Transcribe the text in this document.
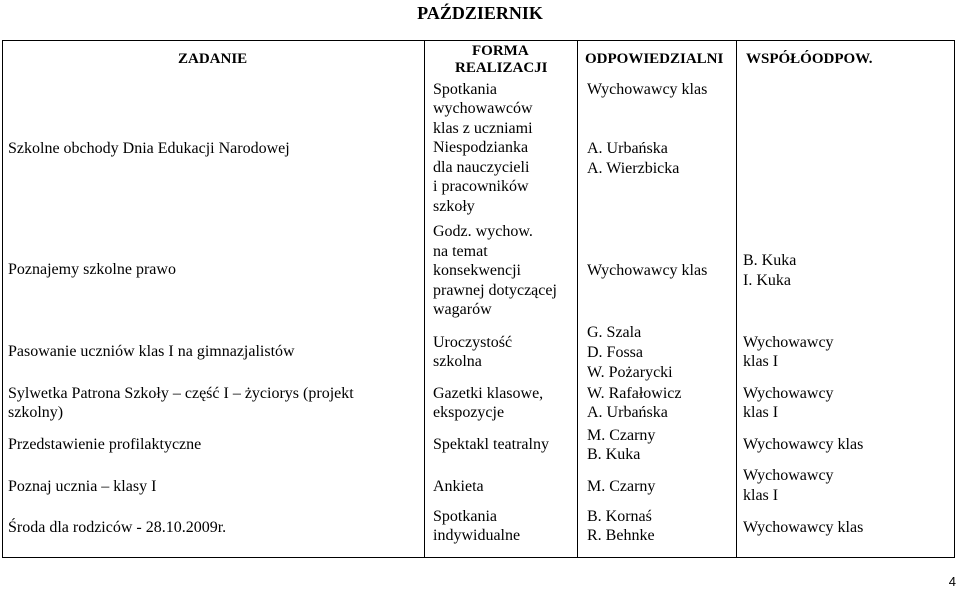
PAŹDZIERNIK
ZADANIE	FORMA
REALIZACJI
ODPOWIEDZIALNI WSPÓŁÓODPOW.
Szkolne obchody Dnia Edukacji Narodowej
Poznajemy szkolne prawo
Pasowanie uczniów klas I na gimnazjalistów
Sylwetka Patrona Szkoły – część I – życiorys (projekt
szkolny)
Przedstawienie profilaktyczne
Poznaj ucznia – klasy I
Środa dla rodziców - 28.10.2009r.
Spotkania
wychowawców
klas z uczniami
Niespodzianka
dla nauczycieli
i pracowników
szkoły
Godz. wychow.
na temat
konsekwencji
prawnej dotyczącej
wagarów
Uroczystość
szkolna
Gazetki klasowe,
ekspozycje
Spektakl teatralny
Ankieta
Spotkania
indywidualne
Wychowawcy klas
A. Urbańska
A. Wierzbicka
Wychowawcy klas
G. Szala
D. Fossa
W. Pożarycki
W. Rafałowicz
A. Urbańska
M. Czarny
B. Kuka
M. Czarny
B. Kornaś
R. Behnke
B. Kuka
I. Kuka
Wychowawcy
klas I
Wychowawcy
klas I
Wychowawcy klas
Wychowawcy
klas I
Wychowawcy klas
4
